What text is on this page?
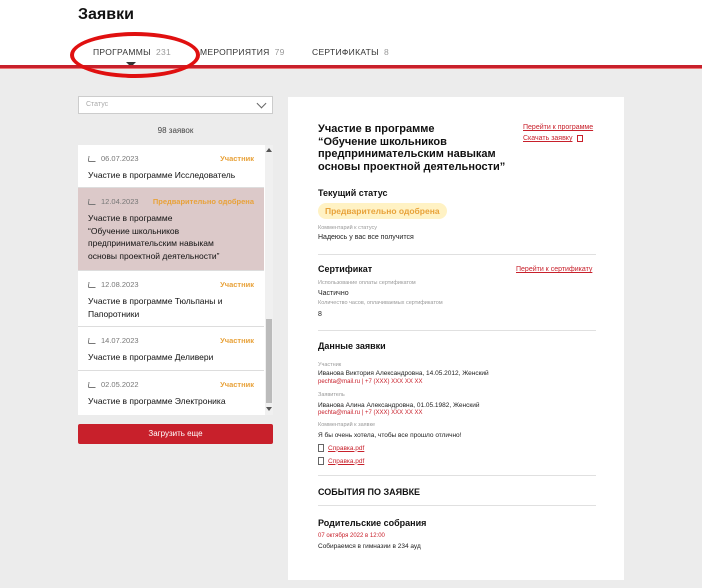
Заявки
ПРОГРАММЫ 231	МЕРОПРИЯТИЯ 79	СЕРТИФИКАТЫ 8
Статус
98 заявок
06.07.2023	Участник
Участие в программе Исследователь
12.04.2023 Предварительно одобрена
Участие в программе
“Обучение школьников
предпринимательским навыкам
основы проектной деятельности”
12.08.2023	Участник
Участие в программе Тюльпаны и
Папоротники
14.07.2023	Участник
Участие в программе Деливери
02.05.2022	Участник
Участие в программе Электроника
Загрузить еще
Участие в программе
“Обучение школьников
предпринимательским навыкам
основы проектной деятельности”
Перейти к программе
Скачать заявку
Текущий статус
Предварительно одобрена
Комментарий к статусу
Надеюсь у вас все получится
Сертификат	Перейти к сертификату
Использование оплаты сертификатом
Частично
Количество часов, оплачиваемых сертификатом
8
Данные заявки
Участник
Иванова Виктория Александровна, 14.05.2012, Женский
pechta@mail.ru | +7 (XXX) XXX XX XX
Заявитель
Иванова Алина Александровна, 01.05.1982, Женский
pechta@mail.ru | +7 (XXX) XXX XX XX
Комментарий к заявке
Я бы очень хотела, чтобы все прошло отлично!
Справка.pdf
Справка.pdf
СОБЫТИЯ ПО ЗАЯВКЕ
Родительские собрания
07 октября 2022 в 12:00
Собираемся в гимназии в 234 ауд
